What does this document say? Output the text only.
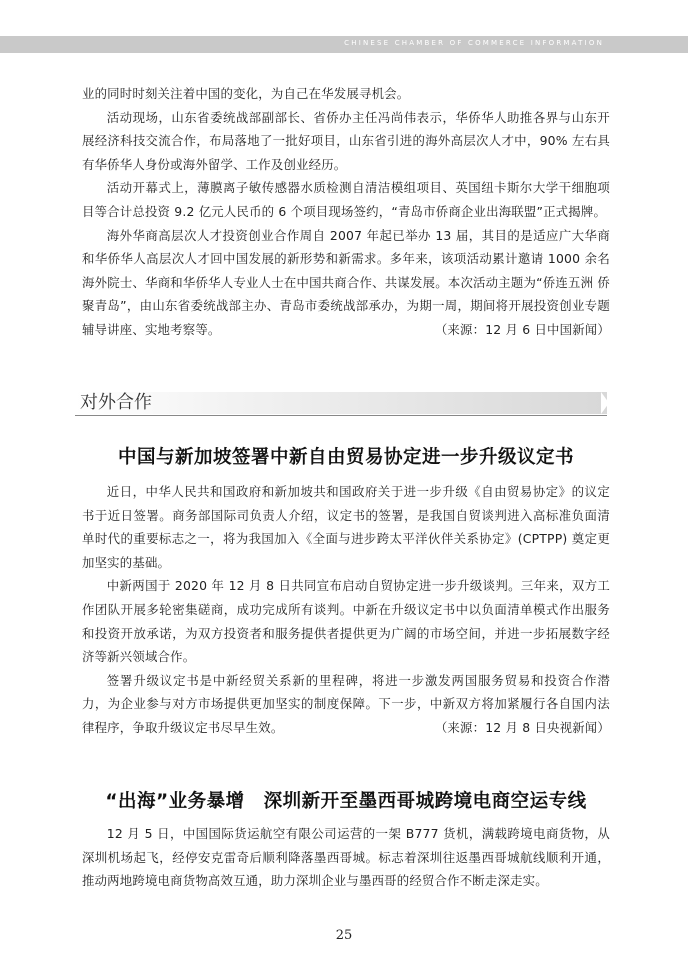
CHINESE CHAMBER OF COMMERCE INFORMATION

业的同时时刻关注着中国的变化，为自己在华发展寻机会。

活动现场，山东省委统战部副部长、省侨办主任冯尚伟表示，华侨华人助推各界与山东开展经济科技交流合作，布局落地了一批好项目，山东省引进的海外高层次人才中，90% 左右具有华侨华人身份或海外留学、工作及创业经历。

活动开幕式上，薄膜离子敏传感器水质检测自清洁模组项目、英国纽卡斯尔大学干细胞项目等合计总投资 9.2 亿元人民币的 6 个项目现场签约，“青岛市侨商企业出海联盟”正式揭牌。

海外华商高层次人才投资创业合作周自 2007 年起已举办 13 届，其目的是适应广大华商和华侨华人高层次人才回中国发展的新形势和新需求。多年来，该项活动累计邀请 1000 余名海外院士、华商和华侨华人专业人士在中国共商合作、共谋发展。本次活动主题为“侨连五洲 侨聚青岛”，由山东省委统战部主办、青岛市委统战部承办，为期一周，期间将开展投资创业专题辅导讲座、实地考察等。	（来源：12 月 6 日中国新闻）

对外合作
中国与新加坡签署中新自由贸易协定进一步升级议定书

近日，中华人民共和国政府和新加坡共和国政府关于进一步升级《自由贸易协定》的议定书于近日签署。商务部国际司负责人介绍，议定书的签署，是我国自贸谈判进入高标准负面清单时代的重要标志之一，将为我国加入《全面与进步跨太平洋伙伴关系协定》(CPTPP) 奠定更加坚实的基础。

中新两国于 2020 年 12 月 8 日共同宣布启动自贸协定进一步升级谈判。三年来，双方工作团队开展多轮密集磋商，成功完成所有谈判。中新在升级议定书中以负面清单模式作出服务和投资开放承诺，为双方投资者和服务提供者提供更为广阔的市场空间，并进一步拓展数字经济等新兴领域合作。

签署升级议定书是中新经贸关系新的里程碑，将进一步激发两国服务贸易和投资合作潜力，为企业参与对方市场提供更加坚实的制度保障。下一步，中新双方将加紧履行各自国内法律程序，争取升级议定书尽早生效。	（来源：12 月 8 日央视新闻）

“出海”业务暴增　深圳新开至墨西哥城跨境电商空运专线

12 月 5 日，中国国际货运航空有限公司运营的一架 B777 货机，满载跨境电商货物，从深圳机场起飞，经停安克雷奇后顺利降落墨西哥城。标志着深圳往返墨西哥城航线顺利开通，推动两地跨境电商货物高效互通，助力深圳企业与墨西哥的经贸合作不断走深走实。

25
